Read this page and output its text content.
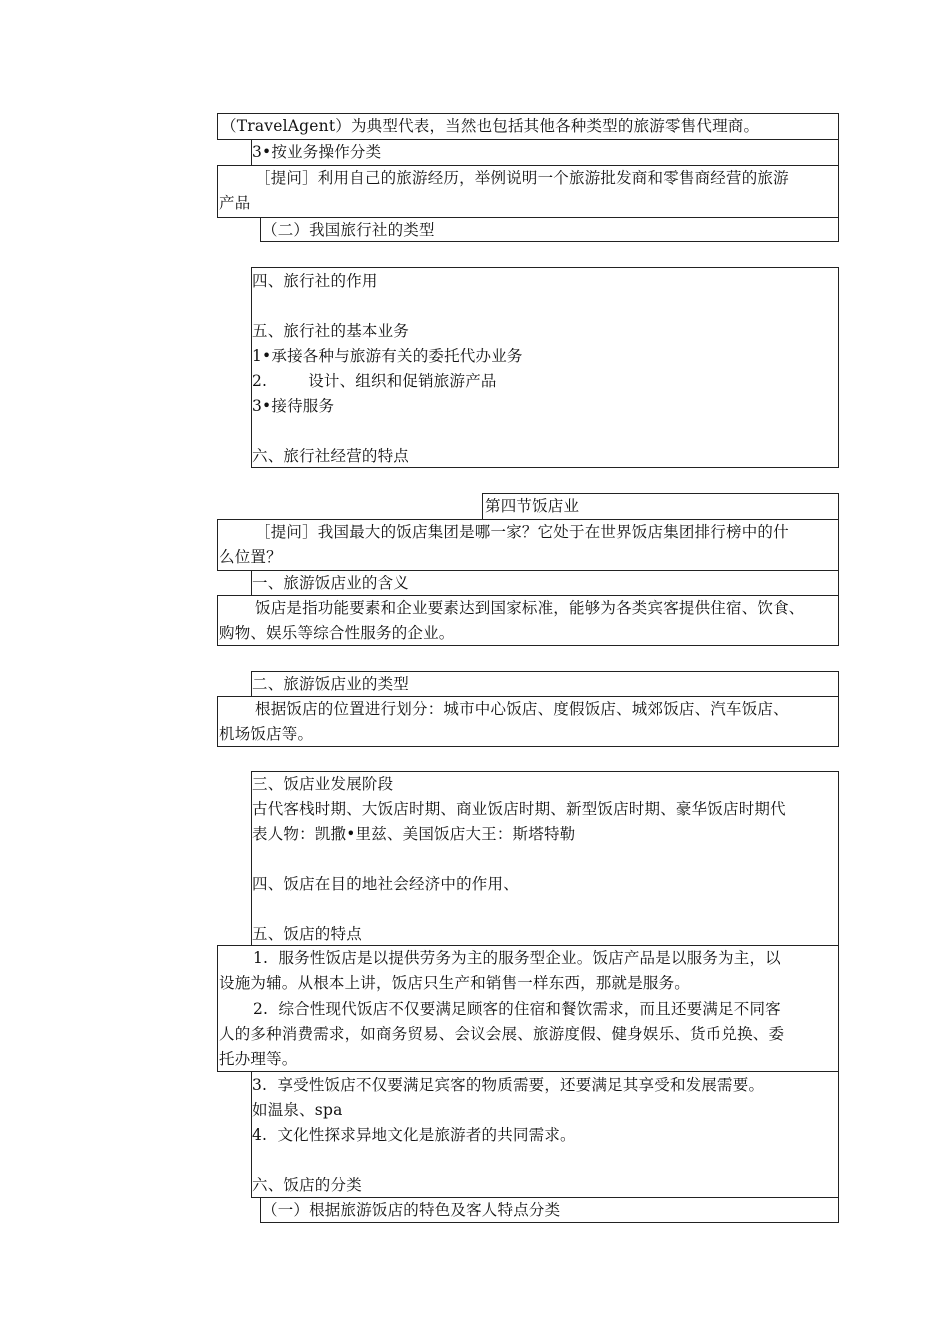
（TravelAgent）为典型代表，当然也包括其他各种类型的旅游零售代理商。
3•按业务操作分类
［提问］利用自己的旅游经历，举例说明一个旅游批发商和零售商经营的旅游
产品
（二）我国旅行社的类型
四、旅行社的作用
五、旅行社的基本业务
1•承接各种与旅游有关的委托代办业务
2.        设计、组织和促销旅游产品
3•接待服务
六、旅行社经营的特点
第四节饭店业
［提问］我国最大的饭店集团是哪一家？它处于在世界饭店集团排行榜中的什
么位置？
一、旅游饭店业的含义
饭店是指功能要素和企业要素达到国家标准，能够为各类宾客提供住宿、饮食、
购物、娱乐等综合性服务的企业。
二、旅游饭店业的类型
根据饭店的位置进行划分：城市中心饭店、度假饭店、城郊饭店、汽车饭店、
机场饭店等。
三、饭店业发展阶段
古代客栈时期、大饭店时期、商业饭店时期、新型饭店时期、豪华饭店时期代
表人物：凯撒•里兹、美国饭店大王：斯塔特勒
四、饭店在目的地社会经济中的作用、
五、饭店的特点
1.  服务性饭店是以提供劳务为主的服务型企业。饭店产品是以服务为主，以
设施为辅。从根本上讲，饭店只生产和销售一样东西，那就是服务。
2.  综合性现代饭店不仅要满足顾客的住宿和餐饮需求，而且还要满足不同客
人的多种消费需求，如商务贸易、会议会展、旅游度假、健身娱乐、货币兑换、委
托办理等。
3.  享受性饭店不仅要满足宾客的物质需要，还要满足其享受和发展需要。
如温泉、spa
4.  文化性探求异地文化是旅游者的共同需求。
六、饭店的分类
（一）根据旅游饭店的特色及客人特点分类
